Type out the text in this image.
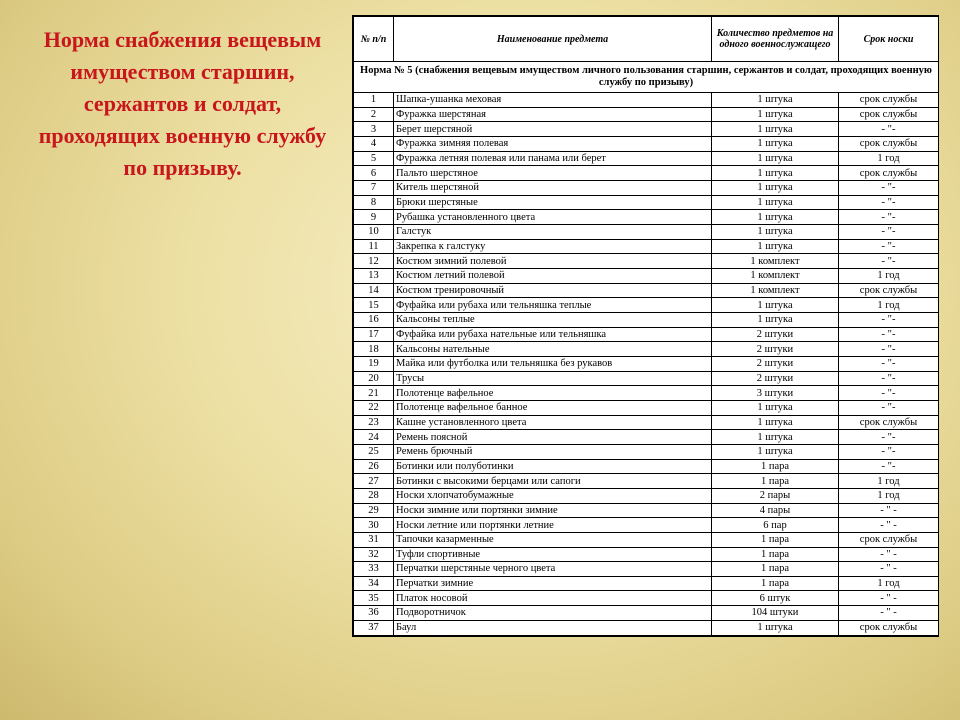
Норма снабжения вещевым имуществом старшин, сержантов и солдат, проходящих военную службу по призыву.
№ п/п	Наименование предмета	Количество предметов на одного военнослужащего	Срок носки
Норма № 5 (снабжения вещевым имуществом личного пользования старшин, сержантов и солдат, проходящих военную службу по призыву)			
1	Шапка-ушанка меховая	1 штука	срок службы
2	Фуражка шерстяная	1 штука	срок службы
3	Берет шерстяной	1 штука	- "-
4	Фуражка зимняя полевая	1 штука	срок службы
5	Фуражка летняя полевая или панама или берет	1 штука	1 год
6	Пальто шерстяное	1 штука	срок службы
7	Китель шерстяной	1 штука	- "-
8	Брюки шерстяные	1 штука	- "-
9	Рубашка установленного цвета	1 штука	- "-
10	Галстук	1 штука	- "-
11	Закрепка к галстуку	1 штука	- "-
12	Костюм зимний полевой	1 комплект	- "-
13	Костюм летний полевой	1 комплект	1 год
14	Костюм тренировочный	1 комплект	срок службы
15	Фуфайка или рубаха или тельняшка теплые	1 штука	1 год
16	Кальсоны теплые	1 штука	- "-
17	Фуфайка или рубаха нательные или тельняшка	2 штуки	- "-
18	Кальсоны нательные	2 штуки	- "-
19	Майка или футболка или тельняшка без рукавов	2 штуки	- "-
20	Трусы	2 штуки	- "-
21	Полотенце вафельное	3 штуки	- "-
22	Полотенце вафельное банное	1 штука	- "-
23	Кашне установленного цвета	1 штука	срок службы
24	Ремень поясной	1 штука	- "-
25	Ремень брючный	1 штука	- "-
26	Ботинки или полуботинки	1 пара	- "-
27	Ботинки с высокими берцами или сапоги	1 пара	1 год
28	Носки хлопчатобумажные	2 пары	1 год
29	Носки зимние или портянки зимние	4 пары	- " -
30	Носки летние или портянки летние	6 пар	- " -
31	Тапочки казарменные	1 пара	срок службы
32	Туфли спортивные	1 пара	- " -
33	Перчатки шерстяные черного цвета	1 пара	- " -
34	Перчатки зимние	1 пара	1 год
35	Платок носовой	6 штук	- " -
36	Подворотничок	104 штуки	- " -
37	Баул	1 штука	срок службы
